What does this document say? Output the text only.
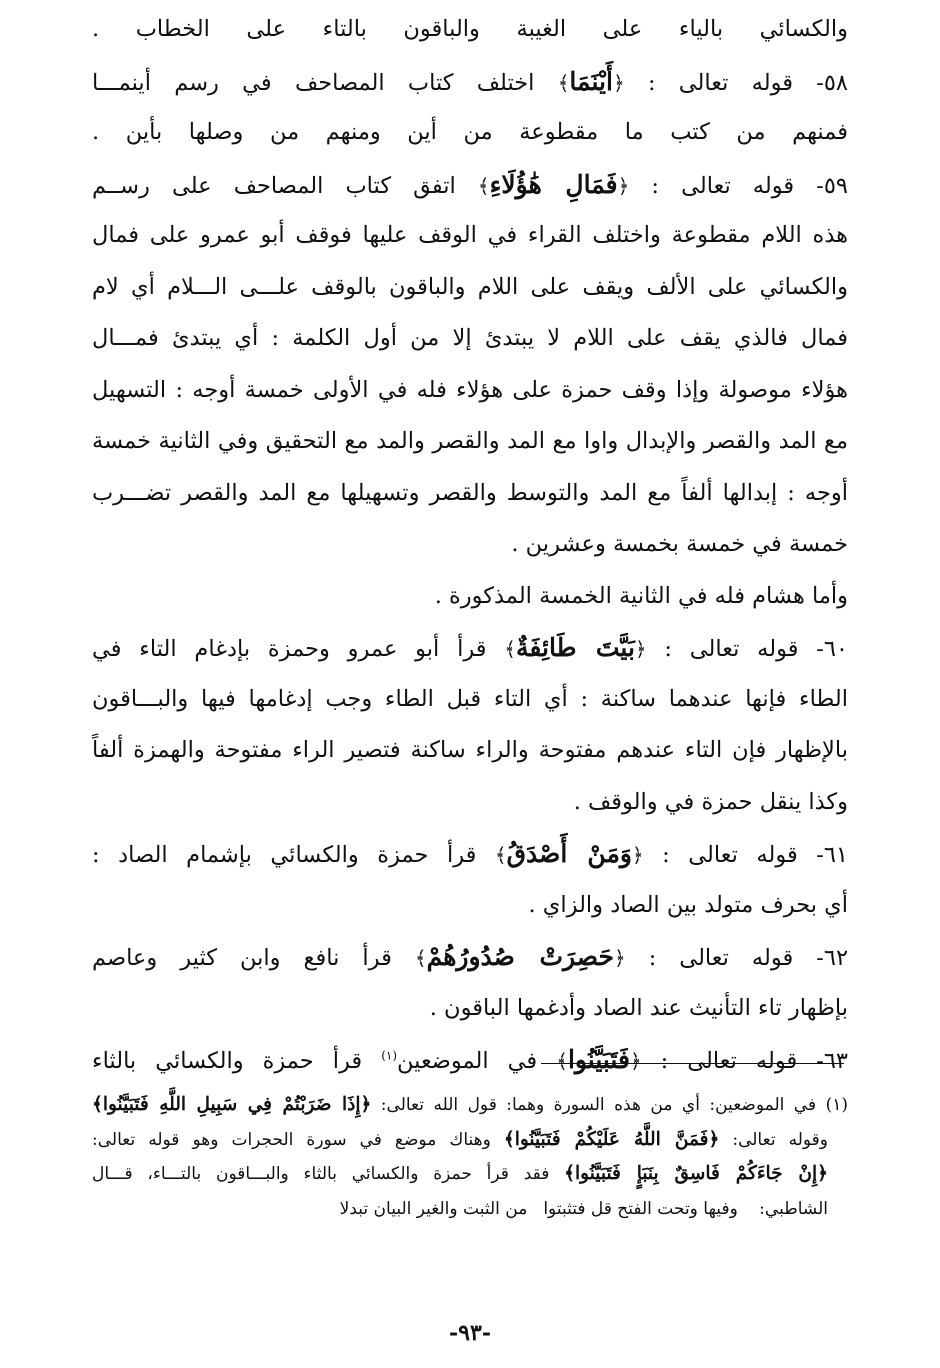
والكسائي بالياء على الغيبة والباقون بالتاء على الخطاب .
٥٨- قوله تعالى : ﴿أَيْنَمَا﴾ اختلف كتاب المصاحف في رسم أينمـــا
فمنهم من كتب ما مقطوعة من أين ومنهم من وصلها بأين .
٥٩- قوله تعالى : ﴿فَمَالِ هَٰؤُلَاءِ﴾ اتفق كتاب المصاحف على رســم
هذه اللام مقطوعة واختلف القراء في الوقف عليها فوقف أبو عمرو على فمال
والكسائي على الألف ويقف على اللام والباقون بالوقف علـــى الـــلام أي لام
فمال فالذي يقف على اللام لا يبتدئ إلا من أول الكلمة : أي يبتدئ فمـــال
هؤلاء موصولة وإذا وقف حمزة على هؤلاء فله في الأولى خمسة أوجه : التسهيل
مع المد والقصر والإبدال واوا مع المد والقصر والمد مع التحقيق وفي الثانية خمسة
أوجه : إبدالها ألفاً مع المد والتوسط والقصر وتسهيلها مع المد والقصر تضـــرب
خمسة في خمسة بخمسة وعشرين .
وأما هشام فله في الثانية الخمسة المذكورة .
٦٠- قوله تعالى : ﴿بَيَّتَ طَائِفَةٌ﴾ قرأ أبو عمرو وحمزة بإدغام التاء في
الطاء فإنها عندهما ساكنة : أي التاء قبل الطاء وجب إدغامها فيها والبـــاقون
بالإظهار فإن التاء عندهم مفتوحة والراء ساكنة فتصير الراء مفتوحة والهمزة ألفاً
وكذا ينقل حمزة في والوقف .
٦١- قوله تعالى : ﴿وَمَنْ أَصْدَقُ﴾ قرأ حمزة والكسائي بإشمام الصاد :
أي بحرف متولد بين الصاد والزاي .
٦٢- قوله تعالى : ﴿حَصِرَتْ صُدُورُهُمْ﴾ قرأ نافع وابن كثير وعاصم
بإظهار تاء التأنيث عند الصاد وأدغمها الباقون .
٦٣- قوله تعالى : ﴿فَتَبَيَّنُوا﴾ في الموضعين$^{(١)}$ قرأ حمزة والكسائي بالثاء
(١) في الموضعين: أي من هذه السورة وهما: قول الله تعالى: ﴿إِذَا ضَرَبْتُمْ فِي سَبِيلِ اللَّهِ فَتَبَيَّنُوا﴾
وقوله تعالى: ﴿فَمَنَّ اللَّهُ عَلَيْكُمْ فَتَبَيَّنُوا﴾ وهناك موضع في سورة الحجرات وهو قوله تعالى:
﴿إِنْ جَاءَكُمْ فَاسِقٌ بِنَبَإٍ فَتَبَيَّنُوا﴾ فقد قرأ حمزة والكسائي بالثاء والبـــاقون بالتـــاء، قـــال
الشاطبي: وفيها وتحت الفتح قل فتثبتوامن الثبت والغير البيان تبدلا
-٩٣-
